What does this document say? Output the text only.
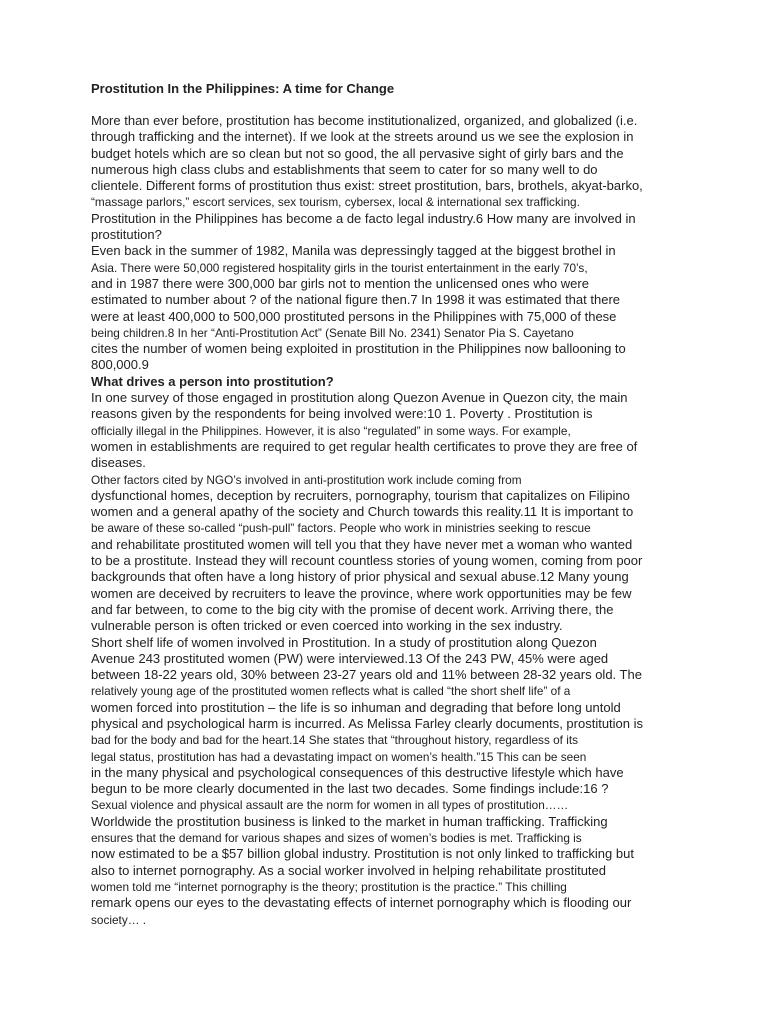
Prostitution In the Philippines: A time for Change
More than ever before, prostitution has become institutionalized, organized, and globalized (i.e.
through trafficking and the internet). If we look at the streets around us we see the explosion in
budget hotels which are so clean but not so good, the all pervasive sight of girly bars and the
numerous high class clubs and establishments that seem to cater for so many well to do
clientele. Different forms of prostitution thus exist: street prostitution, bars, brothels, akyat-barko,
“massage parlors,” escort services, sex tourism, cybersex, local & international sex trafficking.
Prostitution in the Philippines has become a de facto legal industry.6 How many are involved in
prostitution?
Even back in the summer of 1982, Manila was depressingly tagged at the biggest brothel in
Asia. There were 50,000 registered hospitality girls in the tourist entertainment in the early 70’s,
and in 1987 there were 300,000 bar girls not to mention the unlicensed ones who were
estimated to number about ? of the national figure then.7 In 1998 it was estimated that there
were at least 400,000 to 500,000 prostituted persons in the Philippines with 75,000 of these
being children.8 In her “Anti-Prostitution Act” (Senate Bill No. 2341) Senator Pia S. Cayetano
cites the number of women being exploited in prostitution in the Philippines now ballooning to
800,000.9
What drives a person into prostitution?
In one survey of those engaged in prostitution along Quezon Avenue in Quezon city, the main
reasons given by the respondents for being involved were:10 1. Poverty . Prostitution is
officially illegal in the Philippines. However, it is also “regulated” in some ways. For example,
women in establishments are required to get regular health certificates to prove they are free of
diseases.
Other factors cited by NGO’s involved in anti-prostitution work include coming from
dysfunctional homes, deception by recruiters, pornography, tourism that capitalizes on Filipino
women and a general apathy of the society and Church towards this reality.11 It is important to
be aware of these so-called “push-pull” factors. People who work in ministries seeking to rescue
and rehabilitate prostituted women will tell you that they have never met a woman who wanted
to be a prostitute. Instead they will recount countless stories of young women, coming from poor
backgrounds that often have a long history of prior physical and sexual abuse.12 Many young
women are deceived by recruiters to leave the province, where work opportunities may be few
and far between, to come to the big city with the promise of decent work. Arriving there, the
vulnerable person is often tricked or even coerced into working in the sex industry.
Short shelf life of women involved in Prostitution. In a study of prostitution along Quezon
Avenue 243 prostituted women (PW) were interviewed.13 Of the 243 PW, 45% were aged
between 18-22 years old, 30% between 23-27 years old and 11% between 28-32 years old. The
relatively young age of the prostituted women reflects what is called “the short shelf life” of a
women forced into prostitution – the life is so inhuman and degrading that before long untold
physical and psychological harm is incurred. As Melissa Farley clearly documents, prostitution is
bad for the body and bad for the heart.14 She states that “throughout history, regardless of its
legal status, prostitution has had a devastating impact on women’s health.”15 This can be seen
in the many physical and psychological consequences of this destructive lifestyle which have
begun to be more clearly documented in the last two decades. Some findings include:16 ?
Sexual violence and physical assault are the norm for women in all types of prostitution……
Worldwide the prostitution business is linked to the market in human trafficking. Trafficking
ensures that the demand for various shapes and sizes of women’s bodies is met. Trafficking is
now estimated to be a $57 billion global industry. Prostitution is not only linked to trafficking but
also to internet pornography. As a social worker involved in helping rehabilitate prostituted
women told me “internet pornography is the theory; prostitution is the practice.” This chilling
remark opens our eyes to the devastating effects of internet pornography which is flooding our
society… .
